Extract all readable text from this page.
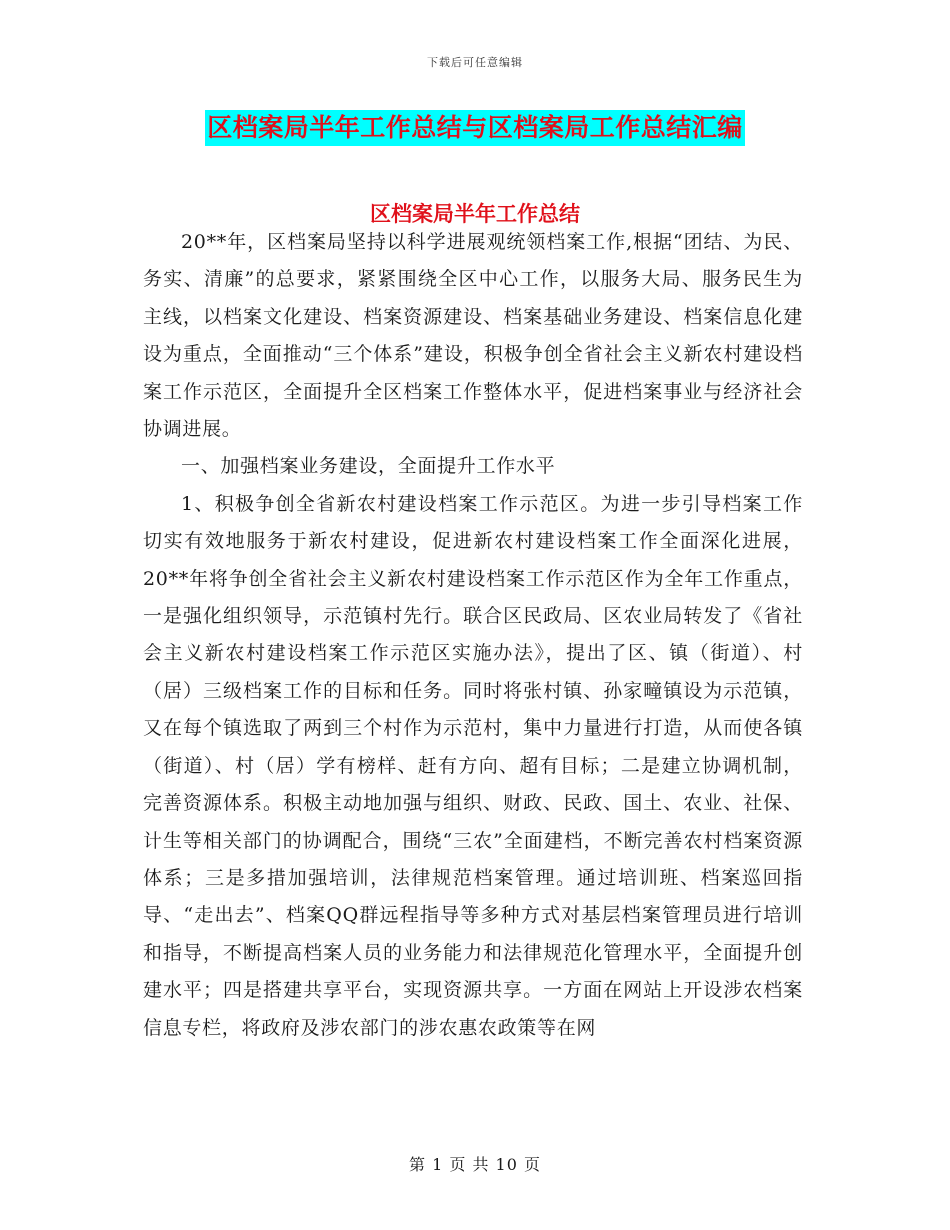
下载后可任意编辑
区档案局半年工作总结与区档案局工作总结汇编
区档案局半年工作总结

20**年，区档案局坚持以科学进展观统领档案工作,根据“团结、为民、务实、清廉”的总要求，紧紧围绕全区中心工作，以服务大局、服务民生为主线，以档案文化建设、档案资源建设、档案基础业务建设、档案信息化建设为重点，全面推动“三个体系”建设，积极争创全省社会主义新农村建设档案工作示范区，全面提升全区档案工作整体水平，促进档案事业与经济社会协调进展。

一、加强档案业务建设，全面提升工作水平

1、积极争创全省新农村建设档案工作示范区。为进一步引导档案工作切实有效地服务于新农村建设，促进新农村建设档案工作全面深化进展，20**年将争创全省社会主义新农村建设档案工作示范区作为全年工作重点，一是强化组织领导，示范镇村先行。联合区民政局、区农业局转发了《省社会主义新农村建设档案工作示范区实施办法》，提出了区、镇（街道）、村（居）三级档案工作的目标和任务。同时将张村镇、孙家疃镇设为示范镇，又在每个镇选取了两到三个村作为示范村，集中力量进行打造，从而使各镇（街道）、村（居）学有榜样、赶有方向、超有目标；二是建立协调机制，完善资源体系。积极主动地加强与组织、财政、民政、国土、农业、社保、计生等相关部门的协调配合，围绕“三农”全面建档，不断完善农村档案资源体系；三是多措加强培训，法律规范档案管理。通过培训班、档案巡回指导、“走出去”、档案QQ群远程指导等多种方式对基层档案管理员进行培训和指导，不断提高档案人员的业务能力和法律规范化管理水平，全面提升创建水平；四是搭建共享平台，实现资源共享。一方面在网站上开设涉农档案信息专栏，将政府及涉农部门的涉农惠农政策等在网

第 1 页 共 10 页
